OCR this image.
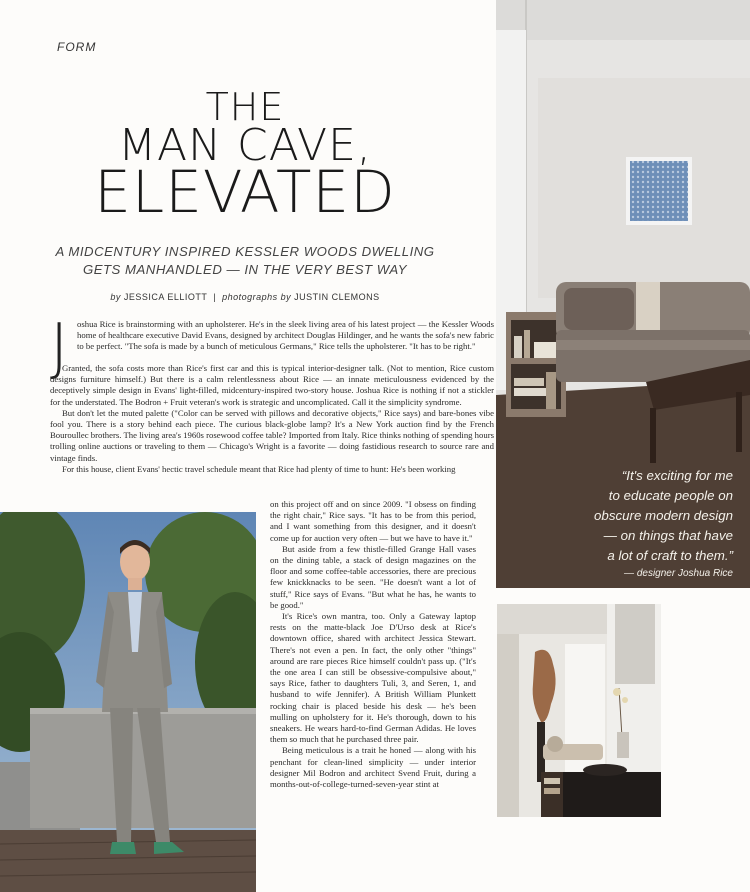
FORM
THE
MAN CAVE,
ELEVATED
A MIDCENTURY INSPIRED KESSLER WOODS DWELLING
GETS MANHANDLED — IN THE VERY BEST WAY
by JESSICA ELLIOTT | photographs by JUSTIN CLEMONS
“It's exciting for me
to educate people on
obscure modern design
— on things that have
a lot of craft to them.”
— designer Joshua Rice
J	oshua Rice is brainstorming with an upholsterer. He's in the sleek living area of his latest project — the Kessler Woods home of healthcare executive David Evans, designed by architect Douglas Hildinger, and he wants the sofa's new fabric to be perfect. "The sofa is made by a bunch of meticulous Germans," Rice tells the upholsterer. "It has to be right."

Granted, the sofa costs more than Rice's first car and this is typical interior-designer talk. (Not to mention, Rice custom designs furniture himself.) But there is a calm relentlessness about Rice — an innate meticulousness evidenced by the deceptively simple design in Evans' light-filled, midcentury-inspired two-story house. Joshua Rice is nothing if not a stickler for the understated. The Bodron + Fruit veteran's work is strategic and uncomplicated. Call it the simplicity syndrome.

But don't let the muted palette ("Color can be served with pillows and decorative objects," Rice says) and bare-bones vibe fool you. There is a story behind each piece. The curious black-globe lamp? It's a New York auction find by the French Bouroullec brothers. The living area's 1960s rosewood coffee table? Imported from Italy. Rice thinks nothing of spending hours trolling online auctions or traveling to them — Chicago's Wright is a favorite — doing fastidious research to source rare and vintage finds.

For this house, client Evans' hectic travel schedule meant that Rice had plenty of time to hunt: He's been working

on this project off and on since 2009. "I obsess on finding the right chair," Rice says. "It has to be from this period, and I want something from this designer, and it doesn't come up for auction very often — but we have to have it."

But aside from a few thistle-filled Grange Hall vases on the dining table, a stack of design magazines on the floor and some coffee-table accessories, there are precious few knickknacks to be seen. "He doesn't want a lot of stuff," Rice says of Evans. "But what he has, he wants to be good."

It's Rice's own mantra, too. Only a Gateway laptop rests on the matte-black Joe D'Urso desk at Rice's downtown office, shared with architect Jessica Stewart. There's not even a pen. In fact, the only other "things" around are rare pieces Rice himself couldn't pass up. ("It's the one area I can still be obsessive-compulsive about," says Rice, father to daughters Tuli, 3, and Seren, 1, and husband to wife Jennifer). A British William Plunkett rocking chair is placed beside his desk — he's been mulling on upholstery for it. He's thorough, down to his sneakers. He wears hard-to-find German Adidas. He loves them so much that he purchased three pair.

Being meticulous is a trait he honed — along with his penchant for clean-lined simplicity — under interior designer Mil Bodron and architect Svend Fruit, during a months-out-of-college-turned-seven-year stint at
